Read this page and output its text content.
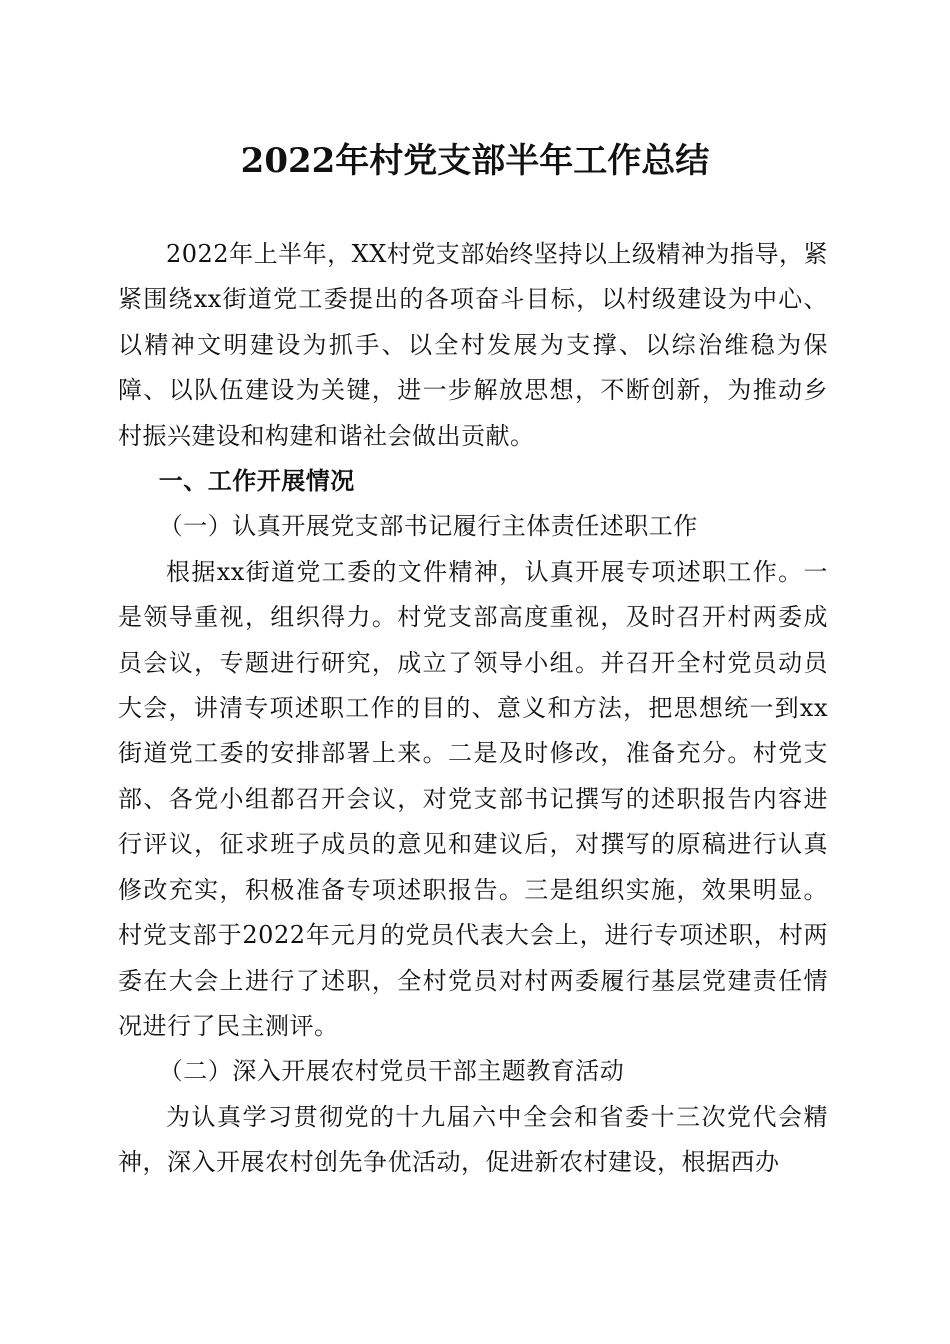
2022年村党支部半年工作总结

2022年上半年，XX村党支部始终坚持以上级精神为指导，紧紧围绕xx街道党工委提出的各项奋斗目标，以村级建设为中心、以精神文明建设为抓手、以全村发展为支撑、以综治维稳为保障、以队伍建设为关键，进一步解放思想，不断创新，为推动乡村振兴建设和构建和谐社会做出贡献。

一、工作开展情况
（一）认真开展党支部书记履行主体责任述职工作

根据xx街道党工委的文件精神，认真开展专项述职工作。一是领导重视，组织得力。村党支部高度重视，及时召开村两委成员会议，专题进行研究，成立了领导小组。并召开全村党员动员大会，讲清专项述职工作的目的、意义和方法，把思想统一到xx街道党工委的安排部署上来。二是及时修改，准备充分。村党支部、各党小组都召开会议，对党支部书记撰写的述职报告内容进行评议，征求班子成员的意见和建议后，对撰写的原稿进行认真修改充实，积极准备专项述职报告。三是组织实施，效果明显。村党支部于2022年元月的党员代表大会上，进行专项述职，村两委在大会上进行了述职，全村党员对村两委履行基层党建责任情况进行了民主测评。

（二）深入开展农村党员干部主题教育活动

为认真学习贯彻党的十九届六中全会和省委十三次党代会精神，深入开展农村创先争优活动，促进新农村建设，根据西办
